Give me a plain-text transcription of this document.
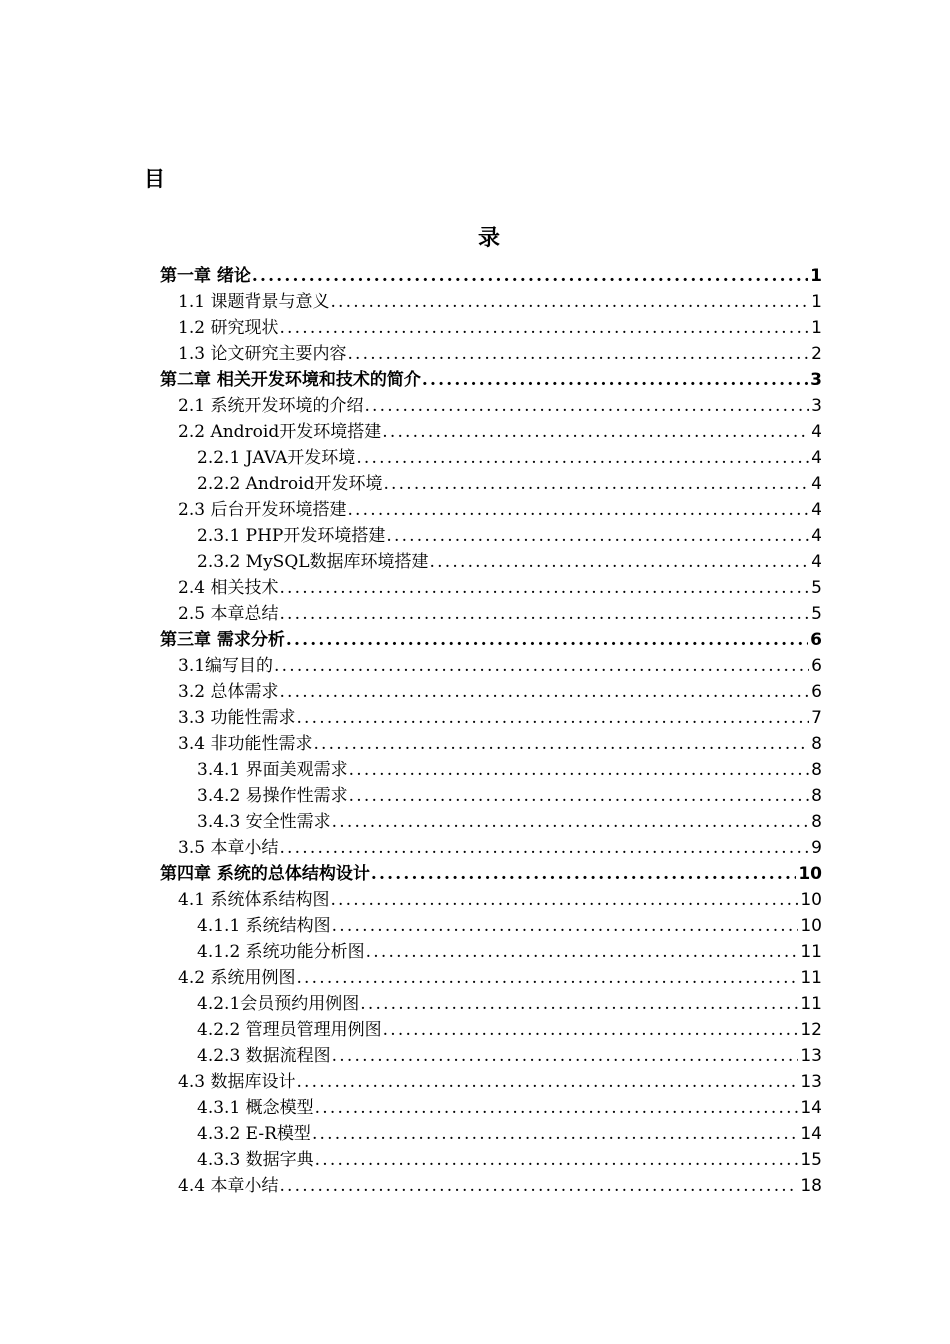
目
录
第一章 绪论 .....	1
1.1 课题背景与意义 .....	1
1.2 研究现状 .....	1
1.3 论文研究主要内容 .....	2
第二章 相关开发环境和技术的简介 .....	3
2.1 系统开发环境的介绍 .....	3
2.2 Android开发环境搭建 .....	4
2.2.1 JAVA开发环境 .....	4
2.2.2 Android开发环境 .....	4
2.3 后台开发环境搭建 .....	4
2.3.1 PHP开发环境搭建 .....	4
2.3.2 MySQL数据库环境搭建 .....	4
2.4 相关技术 .....	5
2.5 本章总结 .....	5
第三章 需求分析 .....	6
3.1编写目的 .....	6
3.2 总体需求 .....	6
3.3 功能性需求 .....	7
3.4 非功能性需求 .....	8
3.4.1 界面美观需求 .....	8
3.4.2 易操作性需求 .....	8
3.4.3 安全性需求 .....	8
3.5 本章小结 .....	9
第四章 系统的总体结构设计 .....	10
4.1 系统体系结构图 .....	10
4.1.1 系统结构图 .....	10
4.1.2 系统功能分析图 .....	11
4.2 系统用例图 .....	11
4.2.1会员预约用例图 .....	11
4.2.2 管理员管理用例图 .....	12
4.2.3 数据流程图 .....	13
4.3 数据库设计 .....	13
4.3.1 概念模型 .....	14
4.3.2 E-R模型 .....	14
4.3.3 数据字典 .....	15
4.4 本章小结 .....	18
